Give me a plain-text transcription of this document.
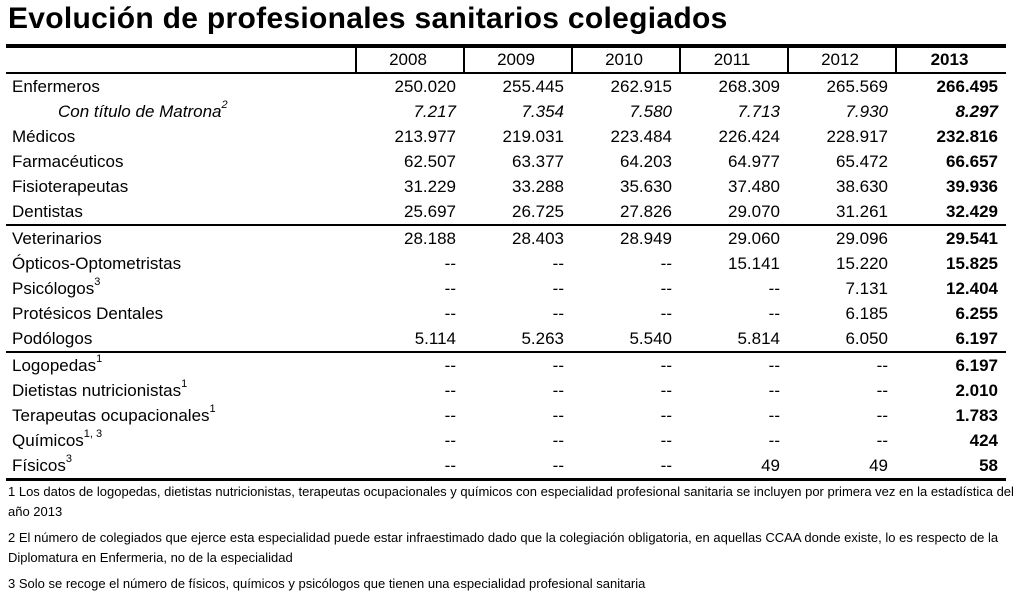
Evolución de profesionales sanitarios colegiados
	2008	2009	2010	2011	2012	2013
Enfermeros	250.020	255.445	262.915	268.309	265.569	266.495
Con título de Matrona$^2$	7.217	7.354	7.580	7.713	7.930	8.297
Médicos	213.977	219.031	223.484	226.424	228.917	232.816
Farmacéuticos	62.507	63.377	64.203	64.977	65.472	66.657
Fisioterapeutas	31.229	33.288	35.630	37.480	38.630	39.936
Dentistas	25.697	26.725	27.826	29.070	31.261	32.429
Veterinarios	28.188	28.403	28.949	29.060	29.096	29.541
Ópticos-Optometristas	--	--	--	15.141	15.220	15.825
Psicólogos$^3$	--	--	--	--	7.131	12.404
Protésicos Dentales	--	--	--	--	6.185	6.255
Podólogos	5.114	5.263	5.540	5.814	6.050	6.197
Logopedas$^1$	--	--	--	--	--	6.197
Dietistas nutricionistas$^1$	--	--	--	--	--	2.010
Terapeutas ocupacionales$^1$	--	--	--	--	--	1.783
Químicos$^{1, 3}$	--	--	--	--	--	424
Físicos$^3$	--	--	--	49	49	58

1 Los datos de logopedas, dietistas nutricionistas, terapeutas ocupacionales y químicos con especialidad profesional sanitaria se incluyen por primera vez en la estadística del año 2013

2 El número de colegiados que ejerce esta especialidad puede estar infraestimado dado que la colegiación obligatoria, en aquellas CCAA donde existe, lo es respecto de la Diplomatura en Enfermeria, no de la especialidad

3 Solo se recoge el número de físicos, químicos y psicólogos que tienen una especialidad profesional sanitaria
